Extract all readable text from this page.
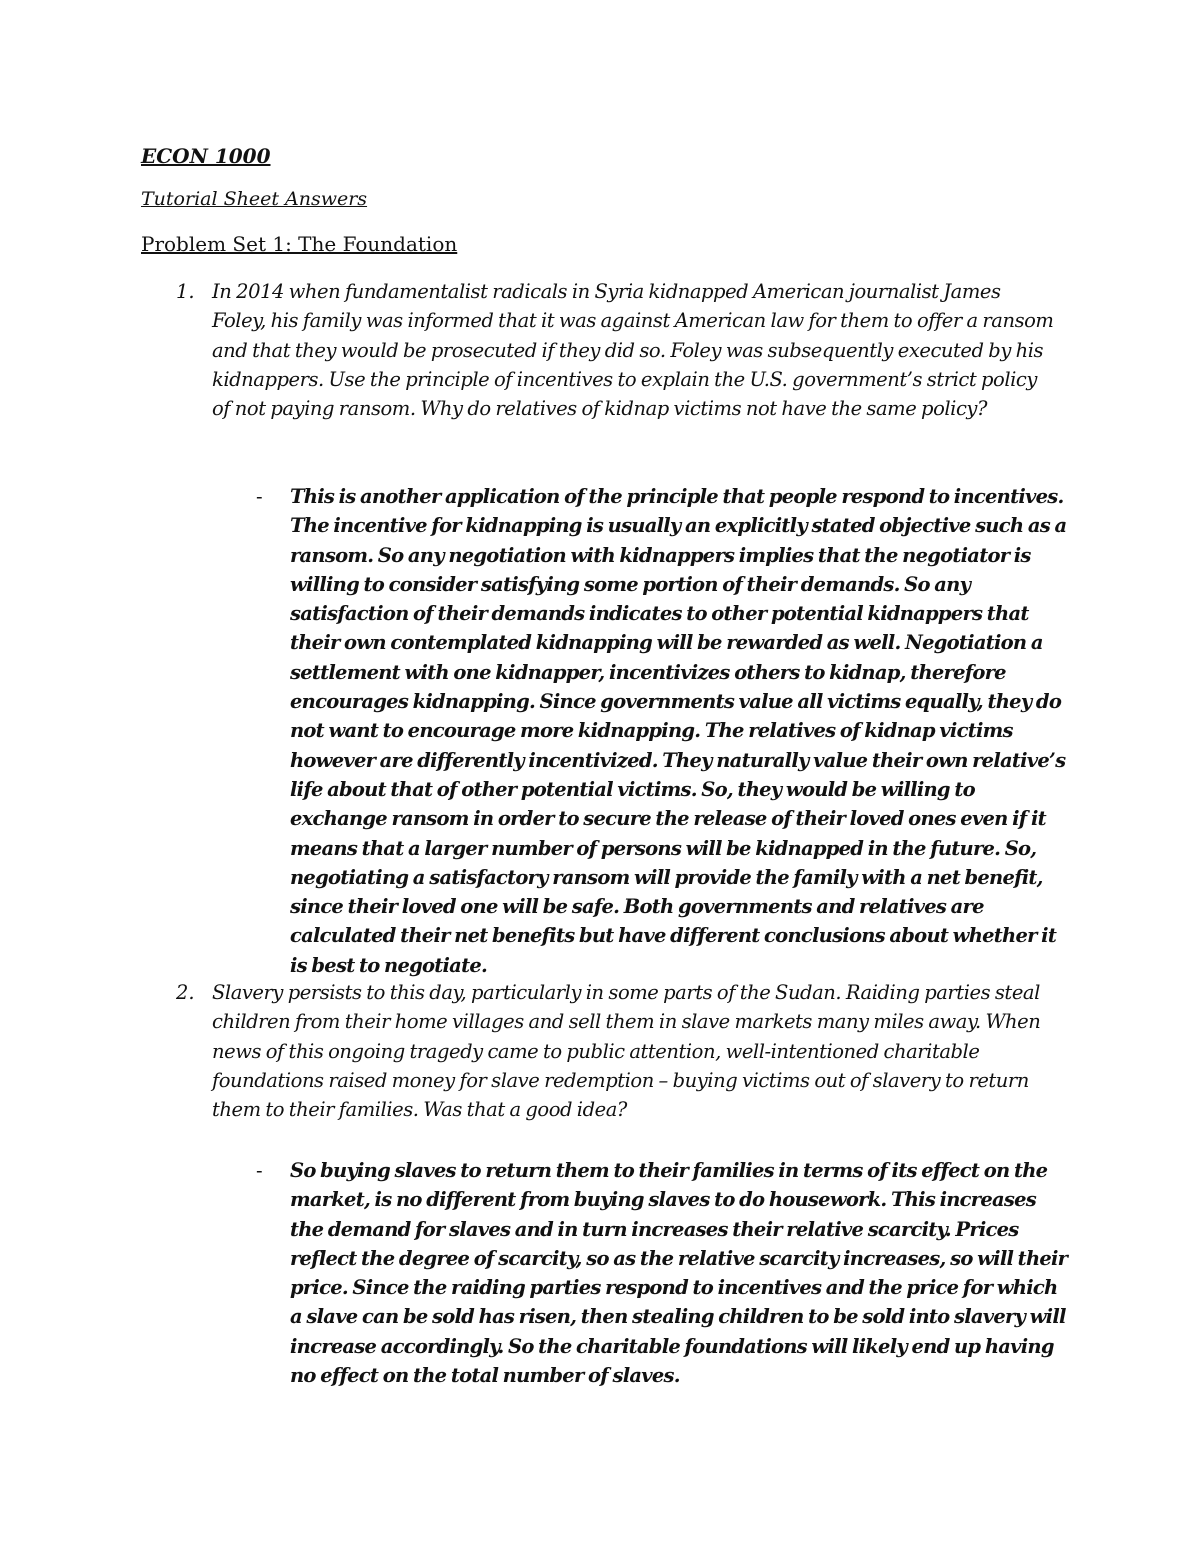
ECON 1000

Tutorial Sheet Answers

Problem Set 1: The Foundation

1. In 2014 when fundamentalist radicals in Syria kidnapped American journalist James Foley, his family was informed that it was against American law for them to offer a ransom and that they would be prosecuted if they did so. Foley was subsequently executed by his kidnappers. Use the principle of incentives to explain the U.S. government’s strict policy of not paying ransom. Why do relatives of kidnap victims not have the same policy?
- This is another application of the principle that people respond to incentives. The incentive for kidnapping is usually an explicitly stated objective such as a ransom. So any negotiation with kidnappers implies that the negotiator is willing to consider satisfying some portion of their demands. So any satisfaction of their demands indicates to other potential kidnappers that their own contemplated kidnapping will be rewarded as well. Negotiation a settlement with one kidnapper, incentivizes others to kidnap, therefore encourages kidnapping. Since governments value all victims equally, they do not want to encourage more kidnapping. The relatives of kidnap victims however are differently incentivized. They naturally value their own relative’s life about that of other potential victims. So, they would be willing to exchange ransom in order to secure the release of their loved ones even if it means that a larger number of persons will be kidnapped in the future. So, negotiating a satisfactory ransom will provide the family with a net benefit, since their loved one will be safe. Both governments and relatives are calculated their net benefits but have different conclusions about whether it is best to negotiate.
2. Slavery persists to this day, particularly in some parts of the Sudan. Raiding parties steal children from their home villages and sell them in slave markets many miles away. When news of this ongoing tragedy came to public attention, well-intentioned charitable foundations raised money for slave redemption – buying victims out of slavery to return them to their families. Was that a good idea?
- So buying slaves to return them to their families in terms of its effect on the market, is no different from buying slaves to do housework. This increases the demand for slaves and in turn increases their relative scarcity. Prices reflect the degree of scarcity, so as the relative scarcity increases, so will their price. Since the raiding parties respond to incentives and the price for which a slave can be sold has risen, then stealing children to be sold into slavery will increase accordingly. So the charitable foundations will likely end up having no effect on the total number of slaves.
